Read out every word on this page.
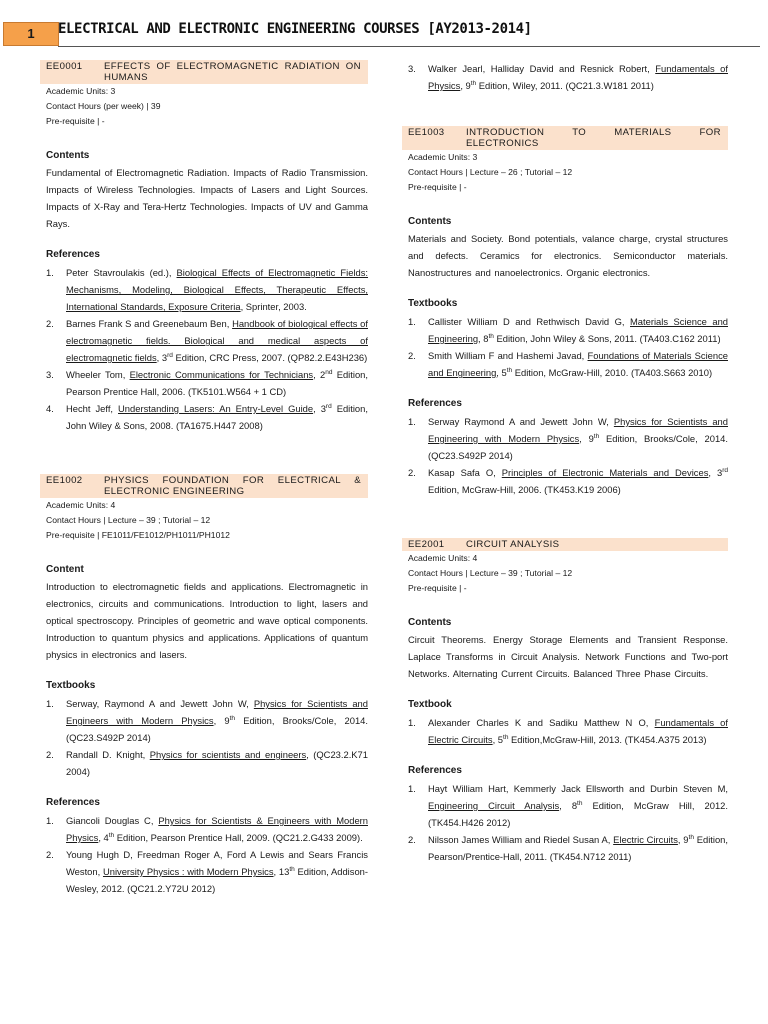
1	ELECTRICAL AND ELECTRONIC ENGINEERING COURSES [AY2013-2014]
EE0001	EFFECTS OF ELECTROMAGNETIC RADIATION ON HUMANS
Academic Units: 3
Contact Hours (per week) | 39
Pre-requisite | -
Contents
Fundamental of Electromagnetic Radiation. Impacts of Radio Transmission. Impacts of Wireless Technologies. Impacts of Lasers and Light Sources. Impacts of X-Ray and Tera-Hertz Technologies. Impacts of UV and Gamma Rays.
References
1. Peter Stavroulakis (ed.), Biological Effects of Electromagnetic Fields: Mechanisms, Modeling, Biological Effects, Therapeutic Effects, International Standards, Exposure Criteria, Sprinter, 2003.
2. Barnes Frank S and Greenebaum Ben, Handbook of biological effects of electromagnetic fields. Biological and medical aspects of electromagnetic fields, 3rd Edition, CRC Press, 2007. (QP82.2.E43H236)
3. Wheeler Tom, Electronic Communications for Technicians, 2nd Edition, Pearson Prentice Hall, 2006. (TK5101.W564 + 1 CD)
4. Hecht Jeff, Understanding Lasers: An Entry-Level Guide, 3rd Edition, John Wiley & Sons, 2008. (TA1675.H447 2008)
EE1002	PHYSICS FOUNDATION FOR ELECTRICAL & ELECTRONIC ENGINEERING
Academic Units: 4
Contact Hours | Lecture – 39 ; Tutorial – 12
Pre-requisite | FE1011/FE1012/PH1011/PH1012
Content
Introduction to electromagnetic fields and applications. Electromagnetic in electronics, circuits and communications. Introduction to light, lasers and optical spectroscopy. Principles of geometric and wave optical components. Introduction to quantum physics and applications. Applications of quantum physics in electronics and lasers.
Textbooks
1. Serway, Raymond A and Jewett John W, Physics for Scientists and Engineers with Modern Physics, 9th Edition, Brooks/Cole, 2014. (QC23.S492P 2014)
2. Randall D. Knight, Physics for scientists and engineers, (QC23.2.K71 2004)
References
1. Giancoli Douglas C, Physics for Scientists & Engineers with Modern Physics, 4th Edition, Pearson Prentice Hall, 2009. (QC21.2.G433 2009).
2. Young Hugh D, Freedman Roger A, Ford A Lewis and Sears Francis Weston, University Physics : with Modern Physics, 13th Edition, Addison-Wesley, 2012. (QC21.2.Y72U 2012)
3. Walker Jearl, Halliday David and Resnick Robert, Fundamentals of Physics, 9th Edition, Wiley, 2011. (QC21.3.W181 2011)
EE1003	INTRODUCTION TO MATERIALS FOR ELECTRONICS
Academic Units: 3
Contact Hours | Lecture – 26 ; Tutorial – 12
Pre-requisite | -
Contents
Materials and Society. Bond potentials, valance charge, crystal structures and defects. Ceramics for electronics. Semiconductor materials. Nanostructures and nanoelectronics. Organic electronics.
Textbooks
1. Callister William D and Rethwisch David G, Materials Science and Engineering, 8th Edition, John Wiley & Sons, 2011. (TA403.C162 2011)
2. Smith William F and Hashemi Javad, Foundations of Materials Science and Engineering, 5th Edition, McGraw-Hill, 2010. (TA403.S663 2010)
References
1. Serway Raymond A and Jewett John W, Physics for Scientists and Engineering with Modern Physics, 9th Edition, Brooks/Cole, 2014. (QC23.S492P 2014)
2. Kasap Safa O, Principles of Electronic Materials and Devices, 3rd Edition, McGraw-Hill, 2006. (TK453.K19 2006)
EE2001	CIRCUIT ANALYSIS
Academic Units: 4
Contact Hours | Lecture – 39 ; Tutorial – 12
Pre-requisite | -
Contents
Circuit Theorems. Energy Storage Elements and Transient Response. Laplace Transforms in Circuit Analysis. Network Functions and Two-port Networks. Alternating Current Circuits. Balanced Three Phase Circuits.
Textbook
1. Alexander Charles K and Sadiku Matthew N O, Fundamentals of Electric Circuits, 5th Edition,McGraw-Hill, 2013. (TK454.A375 2013)
References
1. Hayt William Hart, Kemmerly Jack Ellsworth and Durbin Steven M, Engineering Circuit Analysis, 8th Edition, McGraw Hill, 2012. (TK454.H426 2012)
2. Nilsson James William and Riedel Susan A, Electric Circuits, 9th Edition, Pearson/Prentice-Hall, 2011. (TK454.N712 2011)
